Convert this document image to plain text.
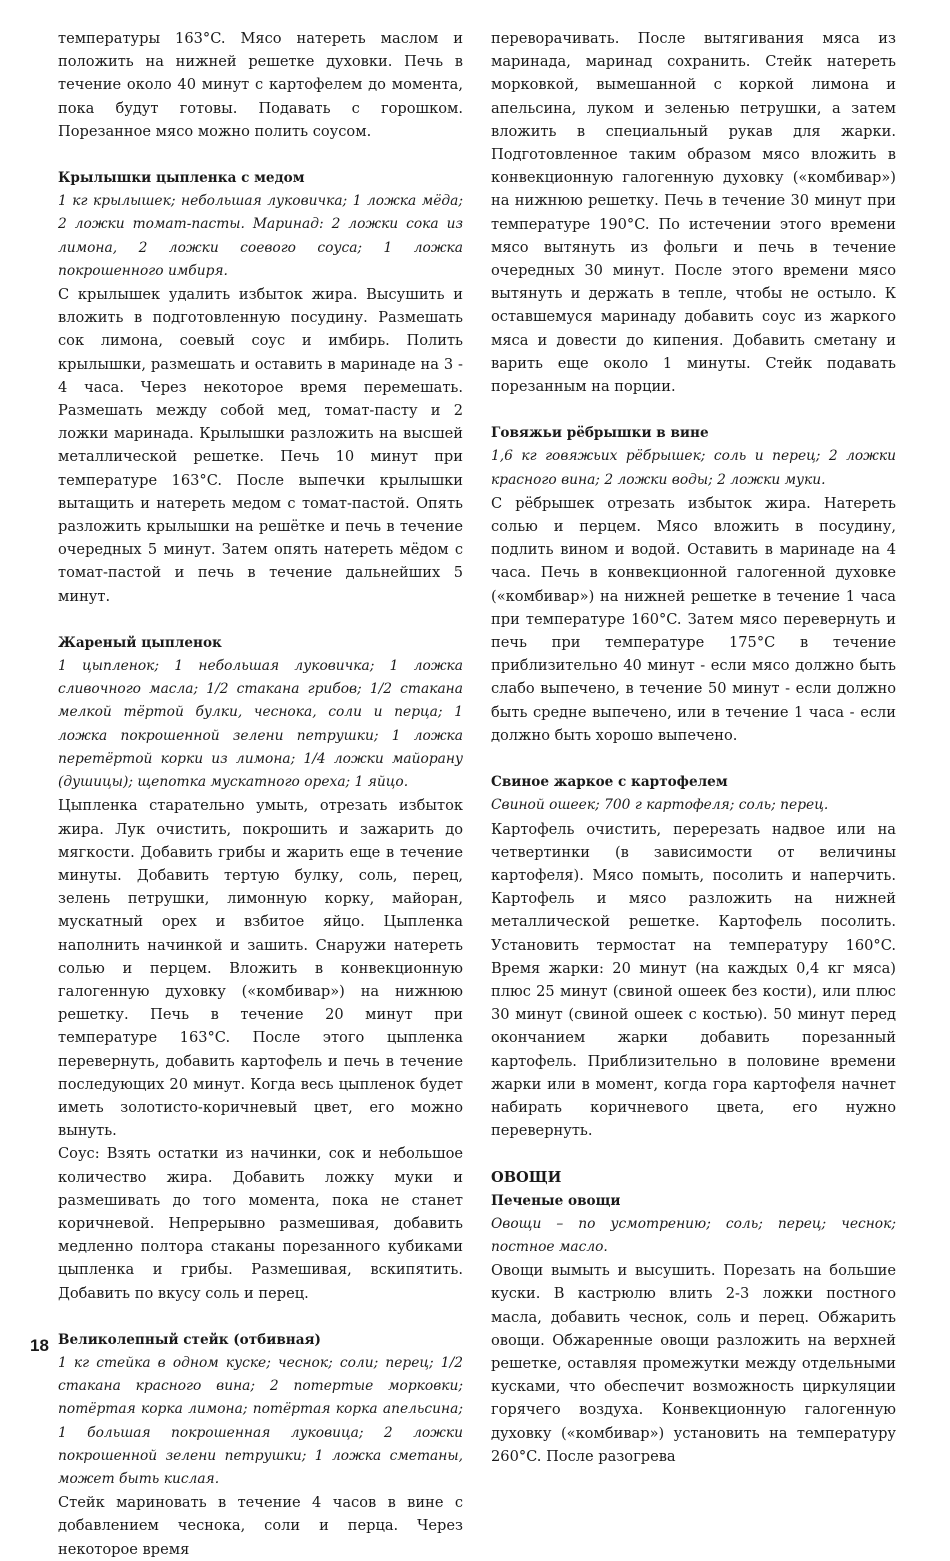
температуры 163°C. Мясо натереть маслом и положить на нижней решетке духовки. Печь в течение около 40 минут с картофелем до момента, пока будут готовы. Подавать с горошком. Порезанное мясо можно полить соусом.

Крылышки цыпленка с медом
1 кг крылышек; небольшая луковичка; 1 ложка мёда; 2 ложки томат-пасты. Маринад: 2 ложки сока из лимона, 2 ложки соевого соуса; 1 ложка покрошенного имбиря.

С крылышек удалить избыток жира. Высушить и вложить в подготовленную посудину. Размешать сок лимона, соевый соус и имбирь. Полить крылышки, размешать и оставить в маринаде на 3 - 4 часа. Через некоторое время перемешать. Размешать между собой мед, томат-пасту и 2 ложки маринада. Крылышки разложить на высшей металлической решетке. Печь 10 минут при температуре 163°C. После выпечки крылышки вытащить и натереть медом с томат-пастой. Опять разложить крылышки на решётке и печь в течение очередных 5 минут. Затем опять натереть мёдом с томат-пастой и печь в течение дальнейших 5 минут.

Жареный цыпленок
1 цыпленок; 1 небольшая луковичка; 1 ложка сливочного масла; 1/2 стакана грибов; 1/2 стакана мелкой тёртой булки, чеснока, соли и перца; 1 ложка покрошенной зелени петрушки; 1 ложка перетёртой корки из лимона; 1/4 ложки майорану (душицы); щепотка мускатного ореха; 1 яйцо.

Цыпленка старательно умыть, отрезать избыток жира. Лук очистить, покрошить и зажарить до мягкости. Добавить грибы и жарить еще в течение минуты. Добавить тертую булку, соль, перец, зелень петрушки, лимонную корку, майоран, мускатный орех и взбитое яйцо. Цыпленка наполнить начинкой и зашить. Снаружи натереть солью и перцем. Вложить в конвекционную галогенную духовку («комбивар») на нижнюю решетку. Печь в течение 20 минут при температуре 163°C. После этого цыпленка перевернуть, добавить картофель и печь в течение последующих 20 минут. Когда весь цыпленок будет иметь золотисто-коричневый цвет, его можно вынуть.

Соус: Взять остатки из начинки, сок и небольшое количество жира. Добавить ложку муки и размешивать до того момента, пока не станет коричневой. Непрерывно размешивая, добавить медленно полтора стаканы порезанного кубиками цыпленка и грибы. Размешивая, вскипятить. Добавить по вкусу соль и перец.

Великолепный стейк (отбивная)
1 кг стейка в одном куске; чеснок; соли; перец; 1/2 стакана красного вина; 2 потертые морковки; потёртая корка лимона; потёртая корка апельсина; 1 большая покрошенная луковица; 2 ложки покрошенной зелени петрушки; 1 ложка сметаны, может быть кислая.

Стейк мариновать в течение 4 часов в вине с добавлением чеснока, соли и перца. Через некоторое время

переворачивать. После вытягивания мяса из маринада, маринад сохранить. Стейк натереть морковкой, вымешанной с коркой лимона и апельсина, луком и зеленью петрушки, а затем вложить в специальный рукав для жарки. Подготовленное таким образом мясо вложить в конвекционную галогенную духовку («комбивар») на нижнюю решетку. Печь в течение 30 минут при температуре 190°C. По истечении этого времени мясо вытянуть из фольги и печь в течение очередных 30 минут. После этого времени мясо вытянуть и держать в тепле, чтобы не остыло. К оставшемуся маринаду добавить соус из жаркого мяса и довести до кипения. Добавить сметану и варить еще около 1 минуты. Стейк подавать порезанным на порции.

Говяжьи рёбрышки в вине
1,6 кг говяжьих рёбрышек; соль и перец; 2 ложки красного вина; 2 ложки воды; 2 ложки муки.

С рёбрышек отрезать избыток жира. Натереть солью и перцем. Мясо вложить в посудину, подлить вином и водой. Оставить в маринаде на 4 часа. Печь в конвекционной галогенной духовке («комбивар») на нижней решетке в течение 1 часа при температуре 160°C. Затем мясо перевернуть и печь при температуре 175°C в течение приблизительно 40 минут - если мясо должно быть слабо выпечено, в течение 50 минут - если должно быть средне выпечено, или в течение 1 часа - если должно быть хорошо выпечено.

Свиное жаркое с картофелем
Свиной ошеек; 700 г картофеля; соль; перец.

Картофель очистить, перерезать надвое или на четвертинки (в зависимости от величины картофеля). Мясо помыть, посолить и наперчить. Картофель и мясо разложить на нижней металлической решетке. Картофель посолить. Установить термостат на температуру 160°C. Время жарки: 20 минут (на каждых 0,4 кг мяса) плюс 25 минут (свиной ошеек без кости), или плюс 30 минут (свиной ошеек с костью). 50 минут перед окончанием жарки добавить порезанный картофель. Приблизительно в половине времени жарки или в момент, когда гора картофеля начнет набирать коричневого цвета, его нужно перевернуть.

ОВОЩИ
Печеные овощи
Овощи – по усмотрению; соль; перец; чеснок; постное масло.

Овощи вымыть и высушить. Порезать на большие куски. В кастрюлю влить 2-3 ложки постного масла, добавить чеснок, соль и перец. Обжарить овощи. Обжаренные овощи разложить на верхней решетке, оставляя промежутки между отдельными кусками, что обеспечит возможность циркуляции горячего воздуха. Конвекционную галогенную духовку («комбивар») установить на температуру 260°C. После разогрева

18
